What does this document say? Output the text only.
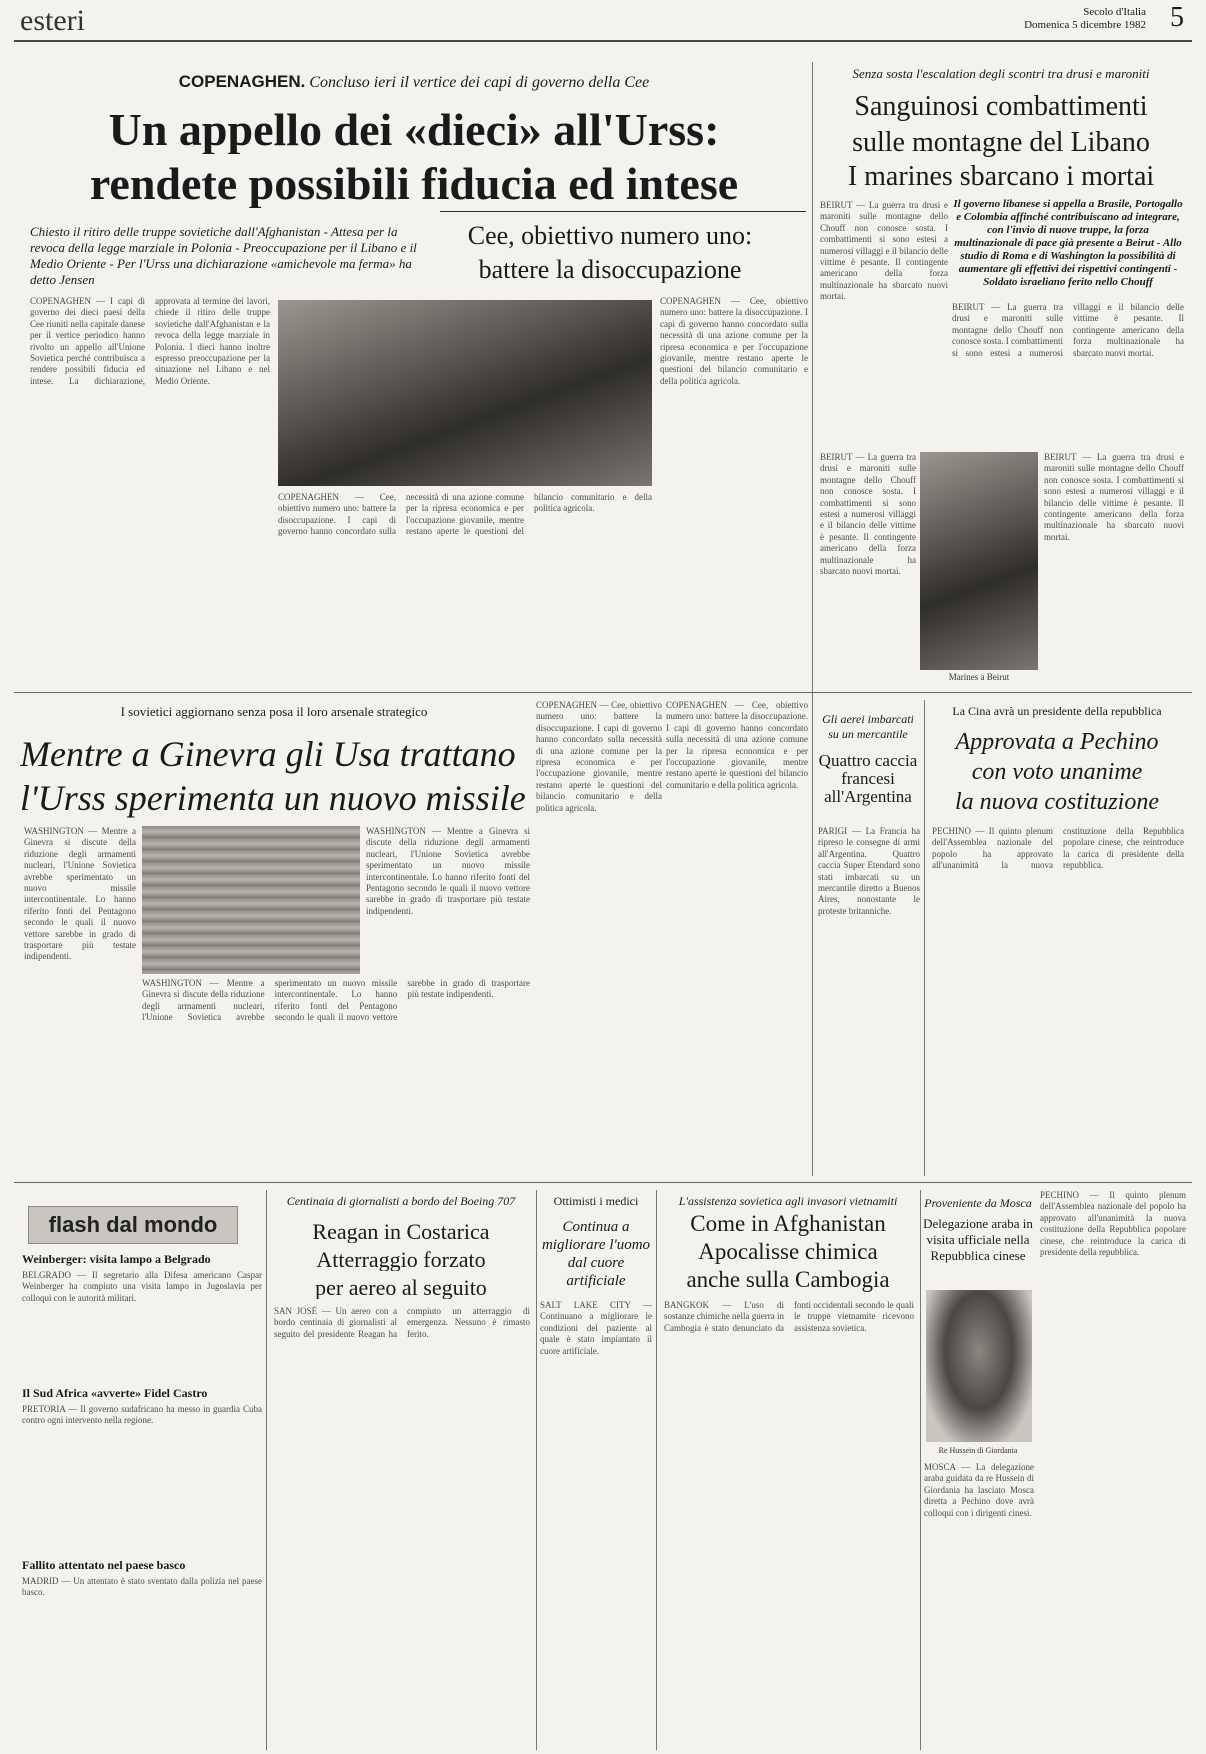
esteri	Secolo d'Italia
Domenica 5 dicembre 1982 5
COPENAGHEN. Concluso ieri il vertice dei capi di governo della Cee
Un appello dei «dieci» all'Urss:
rendete possibili fiducia ed intese
Chiesto il ritiro delle truppe sovietiche dall'Afghanistan - Attesa per la revoca della legge marziale in Polonia - Preoccupazione per il Libano e il Medio Oriente - Per l'Urss una dichiarazione «amichevole ma ferma» ha detto Jensen
Cee, obiettivo numero uno:
battere la disoccupazione
COPENAGHEN — I capi di governo dei dieci paesi della Cee riuniti nella capitale danese per il vertice periodico hanno rivolto un appello all'Unione Sovietica perché contribuisca a rendere possibili fiducia ed intese. La dichiarazione, approvata al termine dei lavori, chiede il ritiro delle truppe sovietiche dall'Afghanistan e la revoca della legge marziale in Polonia. I dieci hanno inoltre espresso preoccupazione per la situazione nel Libano e nel Medio Oriente.
COPENAGHEN — Cee, obiettivo numero uno: battere la disoccupazione. I capi di governo hanno concordato sulla necessità di una azione comune per la ripresa economica e per l'occupazione giovanile, mentre restano aperte le questioni del bilancio comunitario e della politica agricola.
COPENAGHEN — Cee, obiettivo numero uno: battere la disoccupazione. I capi di governo hanno concordato sulla necessità di una azione comune per la ripresa economica e per l'occupazione giovanile, mentre restano aperte le questioni del bilancio comunitario e della politica agricola.
Senza sosta l'escalation degli scontri tra drusi e maroniti
Sanguinosi combattimenti
sulle montagne del Libano
I marines sbarcano i mortai
BEIRUT — La guerra tra drusi e maroniti sulle montagne dello Chouff non conosce sosta. I combattimenti si sono estesi a numerosi villaggi e il bilancio delle vittime è pesante. Il contingente americano della forza multinazionale ha sbarcato nuovi mortai.
Il governo libanese si appella a Brasile, Portogallo e Colombia affinché contribuiscano ad integrare, con l'invio di nuove truppe, la forza multinazionale di pace già presente a Beirut - Allo studio di Roma e di Washington la possibilità di aumentare gli effettivi dei rispettivi contingenti - Soldato israeliano ferito nello Chouff
BEIRUT — La guerra tra drusi e maroniti sulle montagne dello Chouff non conosce sosta. I combattimenti si sono estesi a numerosi villaggi e il bilancio delle vittime è pesante. Il contingente americano della forza multinazionale ha sbarcato nuovi mortai.
Marines a Beirut
BEIRUT — La guerra tra drusi e maroniti sulle montagne dello Chouff non conosce sosta. I combattimenti si sono estesi a numerosi villaggi e il bilancio delle vittime è pesante. Il contingente americano della forza multinazionale ha sbarcato nuovi mortai.
BEIRUT — La guerra tra drusi e maroniti sulle montagne dello Chouff non conosce sosta. I combattimenti si sono estesi a numerosi villaggi e il bilancio delle vittime è pesante. Il contingente americano della forza multinazionale ha sbarcato nuovi mortai.
I sovietici aggiornano senza posa il loro arsenale strategico
Mentre a Ginevra gli Usa trattano
l'Urss sperimenta un nuovo missile
WASHINGTON — Mentre a Ginevra si discute della riduzione degli armamenti nucleari, l'Unione Sovietica avrebbe sperimentato un nuovo missile intercontinentale. Lo hanno riferito fonti del Pentagono secondo le quali il nuovo vettore sarebbe in grado di trasportare più testate indipendenti.
WASHINGTON — Mentre a Ginevra si discute della riduzione degli armamenti nucleari, l'Unione Sovietica avrebbe sperimentato un nuovo missile intercontinentale. Lo hanno riferito fonti del Pentagono secondo le quali il nuovo vettore sarebbe in grado di trasportare più testate indipendenti.
WASHINGTON — Mentre a Ginevra si discute della riduzione degli armamenti nucleari, l'Unione Sovietica avrebbe sperimentato un nuovo missile intercontinentale. Lo hanno riferito fonti del Pentagono secondo le quali il nuovo vettore sarebbe in grado di trasportare più testate indipendenti.
COPENAGHEN — Cee, obiettivo numero uno: battere la disoccupazione. I capi di governo hanno concordato sulla necessità di una azione comune per la ripresa economica e per l'occupazione giovanile, mentre restano aperte le questioni del bilancio comunitario e della politica agricola.
COPENAGHEN — Cee, obiettivo numero uno: battere la disoccupazione. I capi di governo hanno concordato sulla necessità di una azione comune per la ripresa economica e per l'occupazione giovanile, mentre restano aperte le questioni del bilancio comunitario e della politica agricola.
Gli aerei imbarcati su un mercantile
Quattro caccia francesi all'Argentina
PARIGI — La Francia ha ripreso le consegne di armi all'Argentina. Quattro caccia Super Etendard sono stati imbarcati su un mercantile diretto a Buenos Aires, nonostante le proteste britanniche.
La Cina avrà un presidente della repubblica
Approvata a Pechino
con voto unanime
la nuova costituzione
PECHINO — Il quinto plenum dell'Assemblea nazionale del popolo ha approvato all'unanimità la nuova costituzione della Repubblica popolare cinese, che reintroduce la carica di presidente della repubblica.
flash dal mondo
Weinberger: visita lampo a Belgrado
BELGRADO — Il segretario alla Difesa americano Caspar Weinberger ha compiuto una visita lampo in Jugoslavia per colloqui con le autorità militari.
Il Sud Africa «avverte» Fidel Castro
PRETORIA — Il governo sudafricano ha messo in guardia Cuba contro ogni intervento nella regione.
Fallito attentato nel paese basco
MADRID — Un attentato è stato sventato dalla polizia nel paese basco.
Centinaia di giornalisti a bordo del Boeing 707
Reagan in Costarica
Atterraggio forzato
per aereo al seguito
SAN JOSÉ — Un aereo con a bordo centinaia di giornalisti al seguito del presidente Reagan ha compiuto un atterraggio di emergenza. Nessuno è rimasto ferito.
Ottimisti i medici
Continua a migliorare l'uomo dal cuore artificiale
SALT LAKE CITY — Continuano a migliorare le condizioni del paziente al quale è stato impiantato il cuore artificiale.
L'assistenza sovietica agli invasori vietnamiti
Come in Afghanistan
Apocalisse chimica
anche sulla Cambogia
BANGKOK — L'uso di sostanze chimiche nella guerra in Cambogia è stato denunciato da fonti occidentali secondo le quali le truppe vietnamite ricevono assistenza sovietica.
Proveniente da Mosca
Delegazione araba in visita ufficiale nella Repubblica cinese
Re Hussein di Giordania
MOSCA — La delegazione araba guidata da re Hussein di Giordania ha lasciato Mosca diretta a Pechino dove avrà colloqui con i dirigenti cinesi.
PECHINO — Il quinto plenum dell'Assemblea nazionale del popolo ha approvato all'unanimità la nuova costituzione della Repubblica popolare cinese, che reintroduce la carica di presidente della repubblica.
